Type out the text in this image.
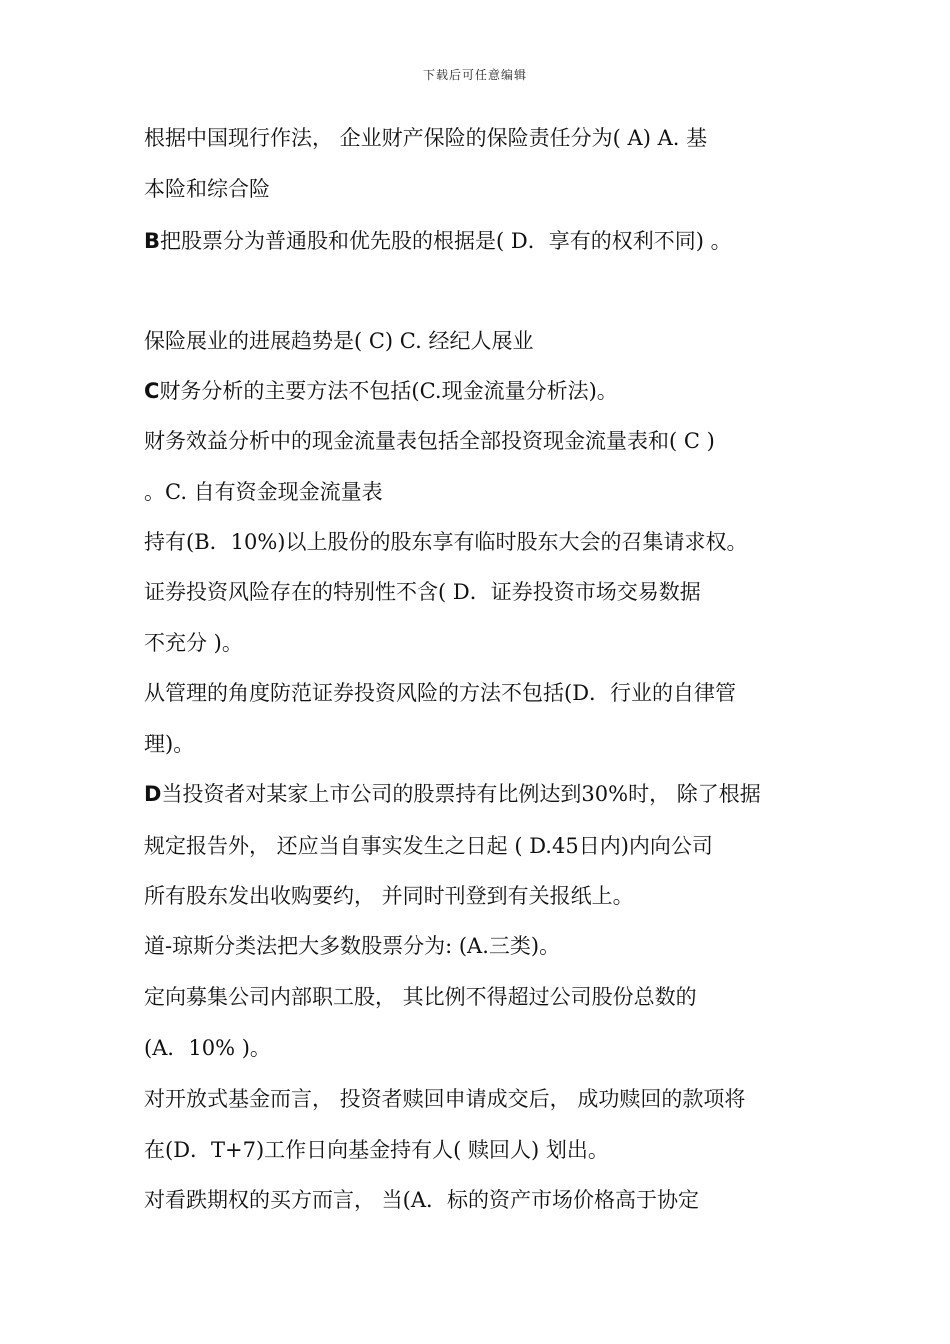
下载后可任意编辑
根据中国现行作法， 企业财产保险的保险责任分为( A) A. 基
本险和综合险
B把股票分为普通股和优先股的根据是( D．享有的权利不同) 。
保险展业的进展趋势是( C) C. 经纪人展业
C财务分析的主要方法不包括(C.现金流量分析法)。
财务效益分析中的现金流量表包括全部投资现金流量表和( C )
。C. 自有资金现金流量表
持有(B．10%)以上股份的股东享有临时股东大会的召集请求权。
证券投资风险存在的特别性不含( D．证券投资市场交易数据
不充分 )。
从管理的角度防范证券投资风险的方法不包括(D．行业的自律管
理)。
D当投资者对某家上市公司的股票持有比例达到30%时， 除了根据
规定报告外， 还应当自事实发生之日起 ( D.45日内)内向公司
所有股东发出收购要约， 并同时刊登到有关报纸上。
道-琼斯分类法把大多数股票分为: (A.三类)。
定向募集公司内部职工股， 其比例不得超过公司股份总数的
(A．10% )。
对开放式基金而言， 投资者赎回申请成交后， 成功赎回的款项将
在(D．T+7)工作日向基金持有人( 赎回人) 划出。
对看跌期权的买方而言， 当(A．标的资产市场价格高于协定
